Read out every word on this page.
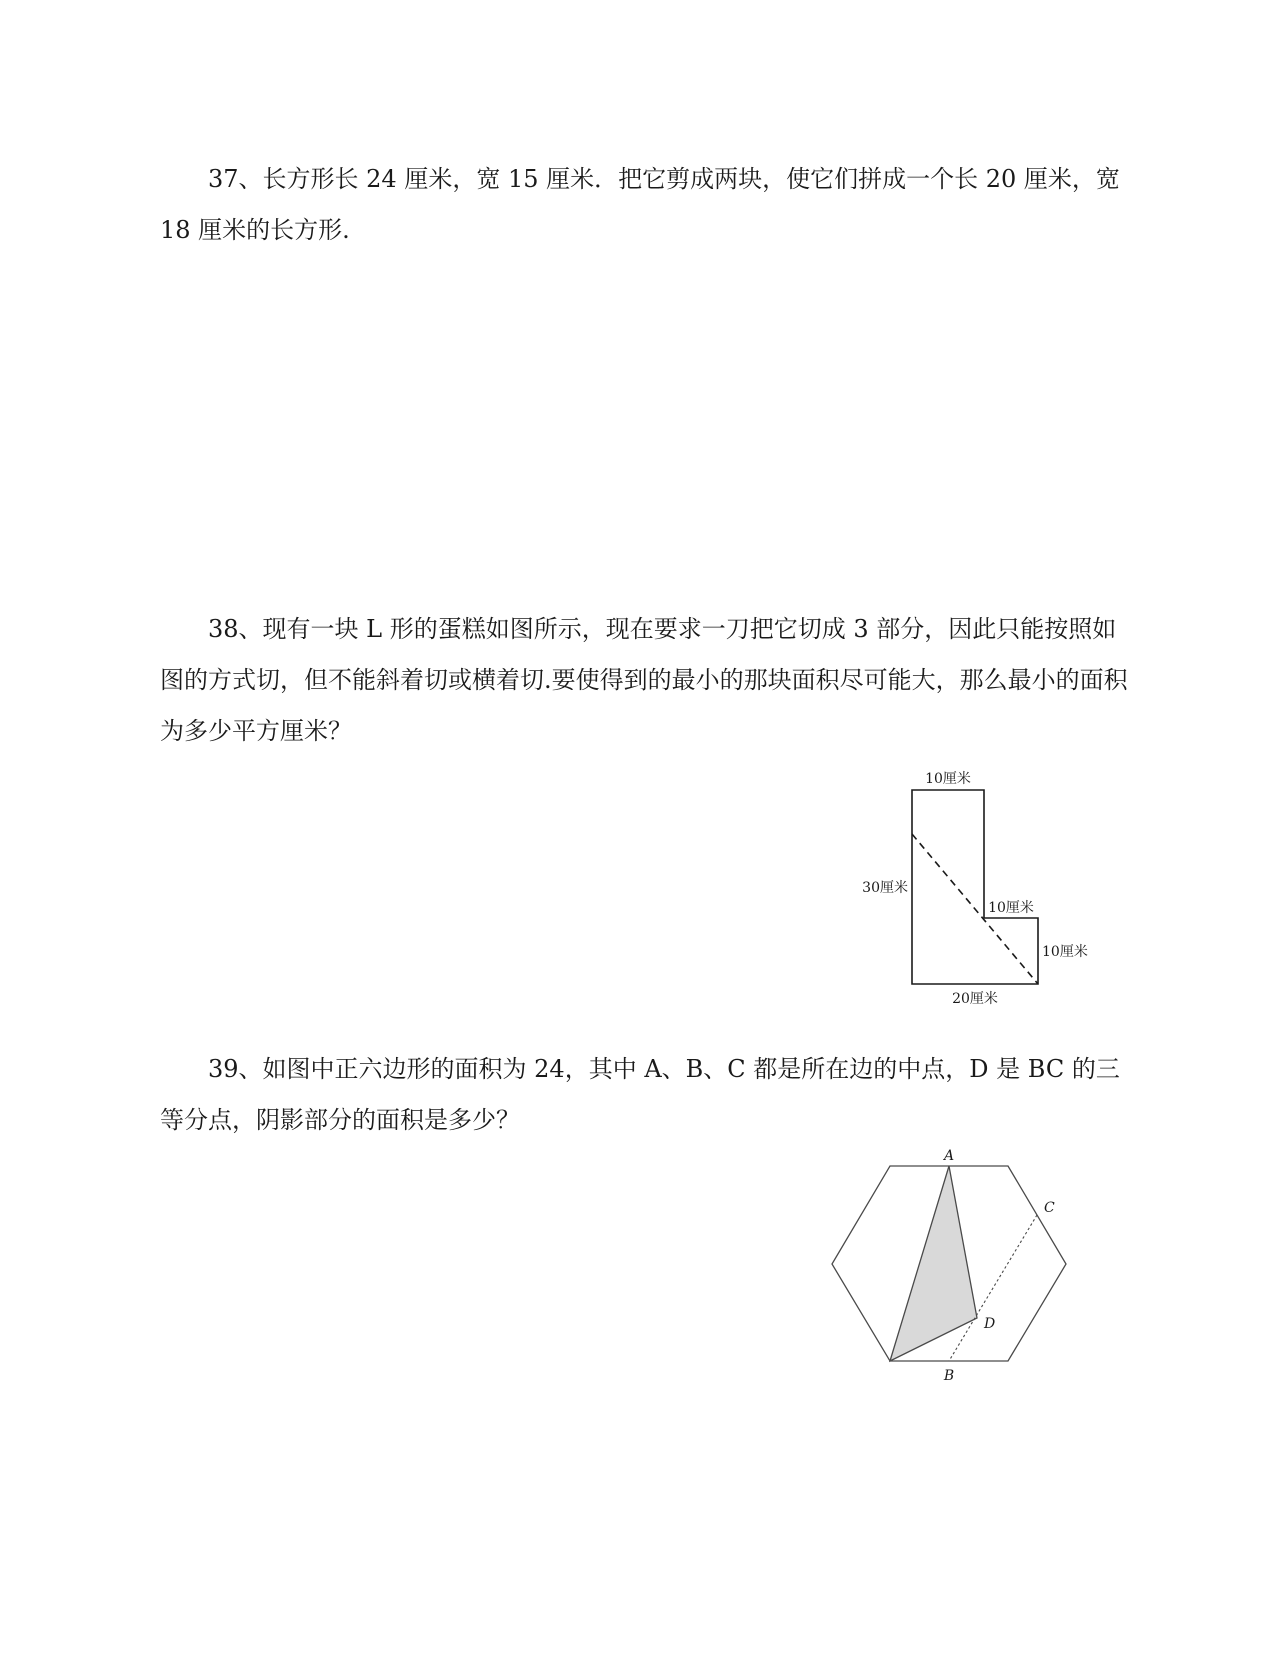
37、长方形长 24 厘米，宽 15 厘米．把它剪成两块，使它们拼成一个长 20 厘米，宽 18 厘米的长方形.

38、现有一块 L 形的蛋糕如图所示，现在要求一刀把它切成 3 部分，因此只能按照如图的方式切，但不能斜着切或横着切.要使得到的最小的那块面积尽可能大，那么最小的面积为多少平方厘米？

10厘米
30厘米
10厘米
10厘米
20厘米

39、如图中正六边形的面积为 24，其中 A、B、C 都是所在边的中点，D 是 BC 的三等分点，阴影部分的面积是多少？

A
B
C
D
